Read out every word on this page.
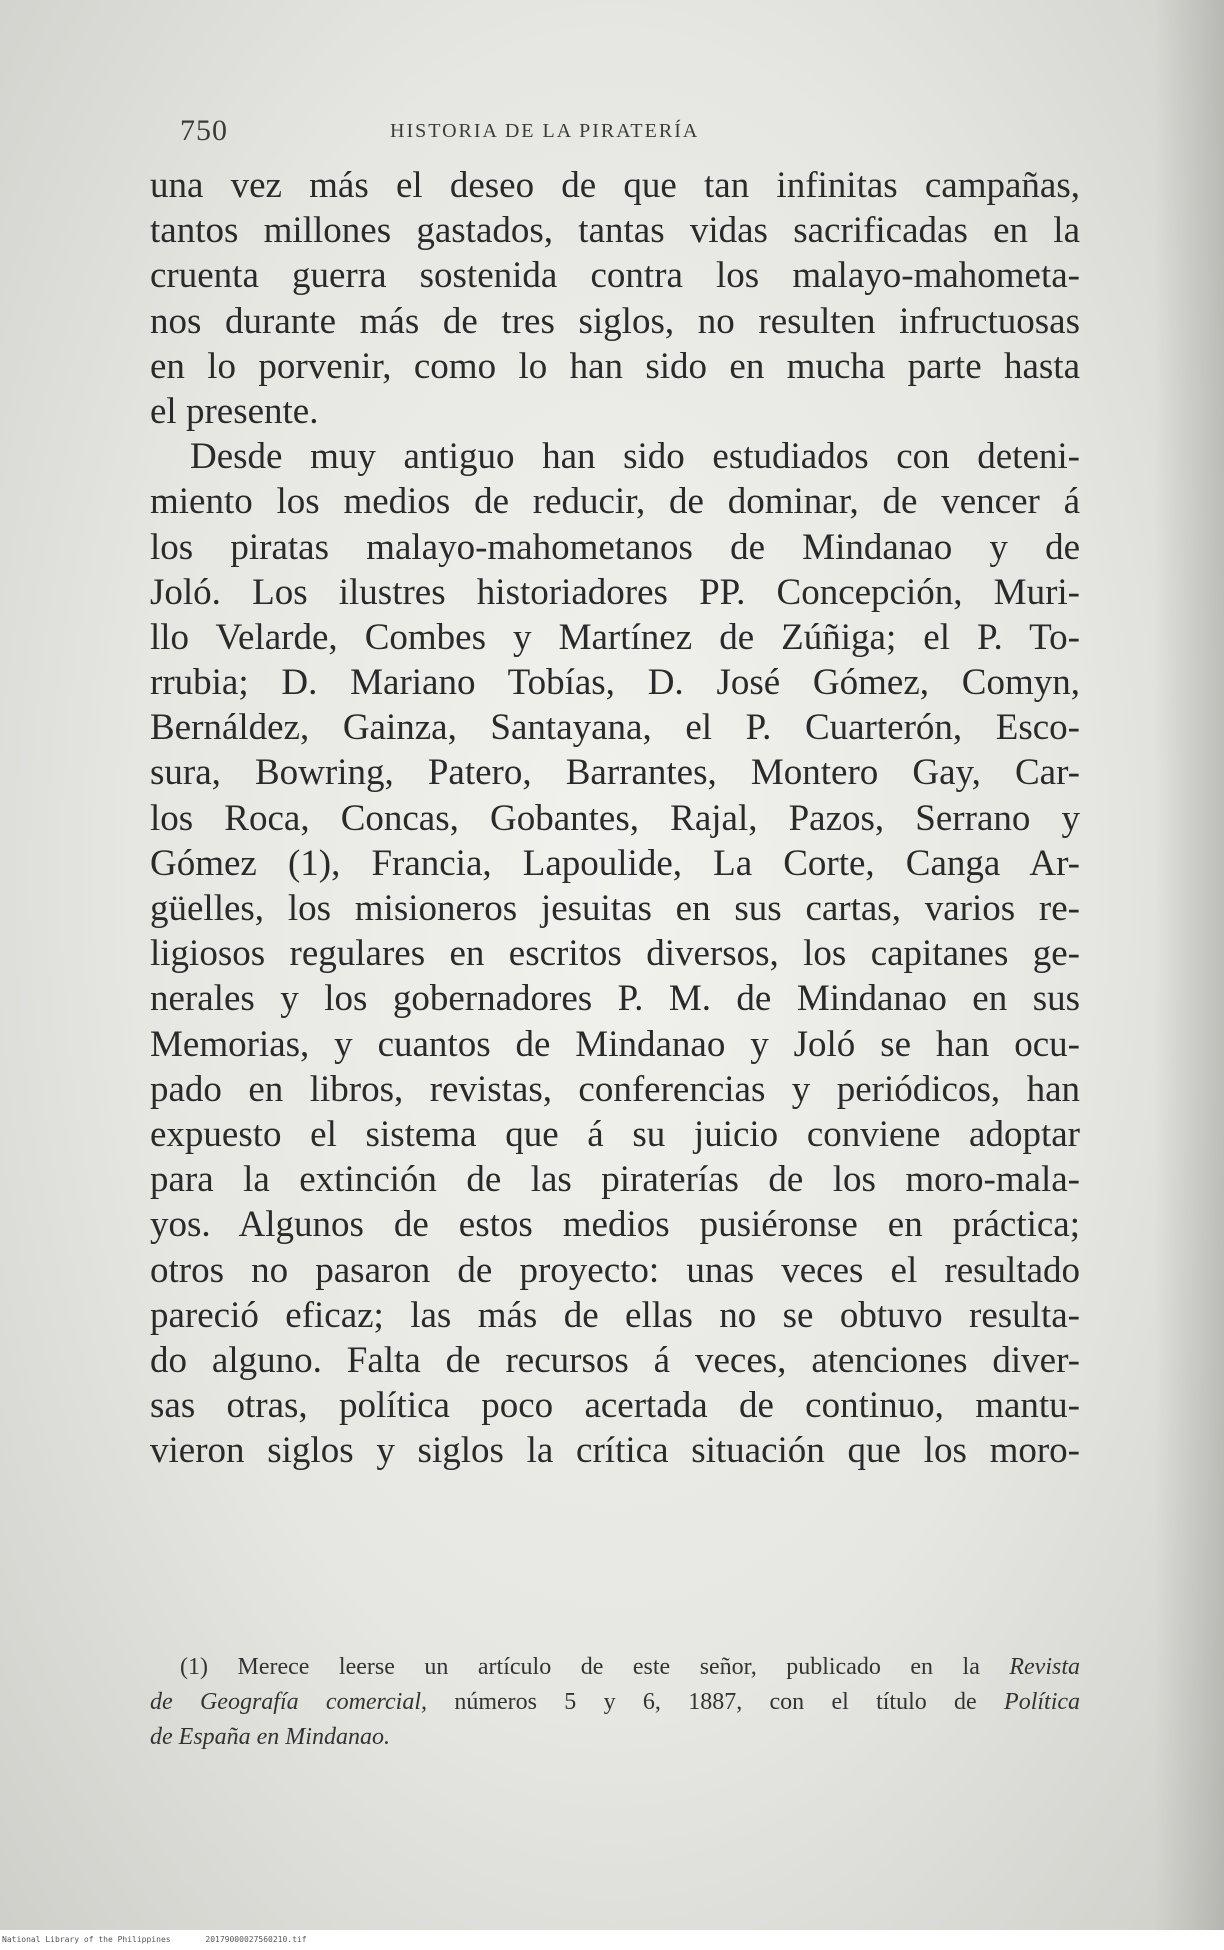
750	HISTORIA DE LA PIRATERÍA
una vez más el deseo de que tan infinitas campañas,
tantos millones gastados, tantas vidas sacrificadas en la
cruenta guerra sostenida contra los malayo-mahometa-
nos durante más de tres siglos, no resulten infructuosas
en lo porvenir, como lo han sido en mucha parte hasta
el presente.
Desde muy antiguo han sido estudiados con deteni-
miento los medios de reducir, de dominar, de vencer á
los piratas malayo-mahometanos de Mindanao y de
Joló. Los ilustres historiadores PP. Concepción, Muri-
llo Velarde, Combes y Martínez de Zúñiga; el P. To-
rrubia; D. Mariano Tobías, D. José Gómez, Comyn,
Bernáldez, Gainza, Santayana, el P. Cuarterón, Esco-
sura, Bowring, Patero, Barrantes, Montero Gay, Car-
los Roca, Concas, Gobantes, Rajal, Pazos, Serrano y
Gómez (1), Francia, Lapoulide, La Corte, Canga Ar-
güelles, los misioneros jesuitas en sus cartas, varios re-
ligiosos regulares en escritos diversos, los capitanes ge-
nerales y los gobernadores P. M. de Mindanao en sus
Memorias, y cuantos de Mindanao y Joló se han ocu-
pado en libros, revistas, conferencias y periódicos, han
expuesto el sistema que á su juicio conviene adoptar
para la extinción de las piraterías de los moro-mala-
yos. Algunos de estos medios pusiéronse en práctica;
otros no pasaron de proyecto: unas veces el resultado
pareció eficaz; las más de ellas no se obtuvo resulta-
do alguno. Falta de recursos á veces, atenciones diver-
sas otras, política poco acertada de continuo, mantu-
vieron siglos y siglos la crítica situación que los moro-
(1) Merece leerse un artículo de este señor, publicado en la Revista
de Geografía comercial, números 5 y 6, 1887, con el título de Política
de España en Mindanao.
National Library of the Philippines	20179000027560210.tif
